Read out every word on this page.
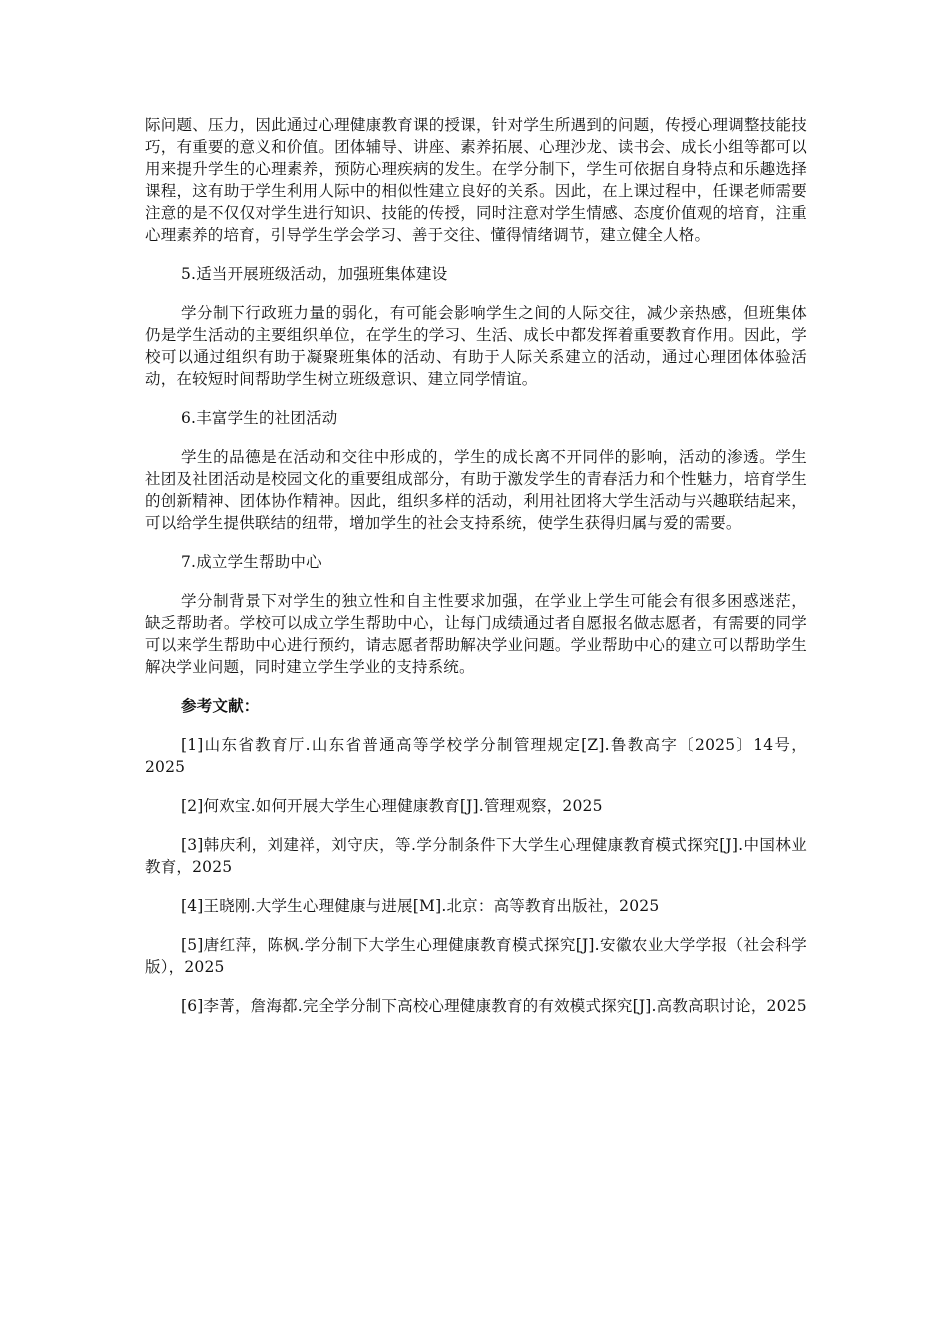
际问题、压力，因此通过心理健康教育课的授课，针对学生所遇到的问题，传授心理调整技能技巧，有重要的意义和价值。团体辅导、讲座、素养拓展、心理沙龙、读书会、成长小组等都可以用来提升学生的心理素养，预防心理疾病的发生。在学分制下，学生可依据自身特点和乐趣选择课程，这有助于学生利用人际中的相似性建立良好的关系。因此，在上课过程中，任课老师需要注意的是不仅仅对学生进行知识、技能的传授，同时注意对学生情感、态度价值观的培育，注重心理素养的培育，引导学生学会学习、善于交往、懂得情绪调节，建立健全人格。

5.适当开展班级活动，加强班集体建设

学分制下行政班力量的弱化，有可能会影响学生之间的人际交往，减少亲热感，但班集体仍是学生活动的主要组织单位，在学生的学习、生活、成长中都发挥着重要教育作用。因此，学校可以通过组织有助于凝聚班集体的活动、有助于人际关系建立的活动，通过心理团体体验活动，在较短时间帮助学生树立班级意识、建立同学情谊。

6.丰富学生的社团活动

学生的品德是在活动和交往中形成的，学生的成长离不开同伴的影响，活动的渗透。学生社团及社团活动是校园文化的重要组成部分，有助于激发学生的青春活力和个性魅力，培育学生的创新精神、团体协作精神。因此，组织多样的活动，利用社团将大学生活动与兴趣联结起来，可以给学生提供联结的纽带，增加学生的社会支持系统，使学生获得归属与爱的需要。

7.成立学生帮助中心

学分制背景下对学生的独立性和自主性要求加强，在学业上学生可能会有很多困惑迷茫，缺乏帮助者。学校可以成立学生帮助中心，让每门成绩通过者自愿报名做志愿者，有需要的同学可以来学生帮助中心进行预约，请志愿者帮助解决学业问题。学业帮助中心的建立可以帮助学生解决学业问题，同时建立学生学业的支持系统。

参考文献：

[1]山东省教育厅.山东省普通高等学校学分制管理规定[Z].鲁教高字〔2025〕14号，2025

[2]何欢宝.如何开展大学生心理健康教育[J].管理观察，2025

[3]韩庆利，刘建祥，刘守庆，等.学分制条件下大学生心理健康教育模式探究[J].中国林业教育，2025

[4]王晓刚.大学生心理健康与进展[M].北京：高等教育出版社，2025

[5]唐红萍，陈枫.学分制下大学生心理健康教育模式探究[J].安徽农业大学学报（社会科学版），2025

[6]李菁，詹海都.完全学分制下高校心理健康教育的有效模式探究[J].高教高职讨论，2025
